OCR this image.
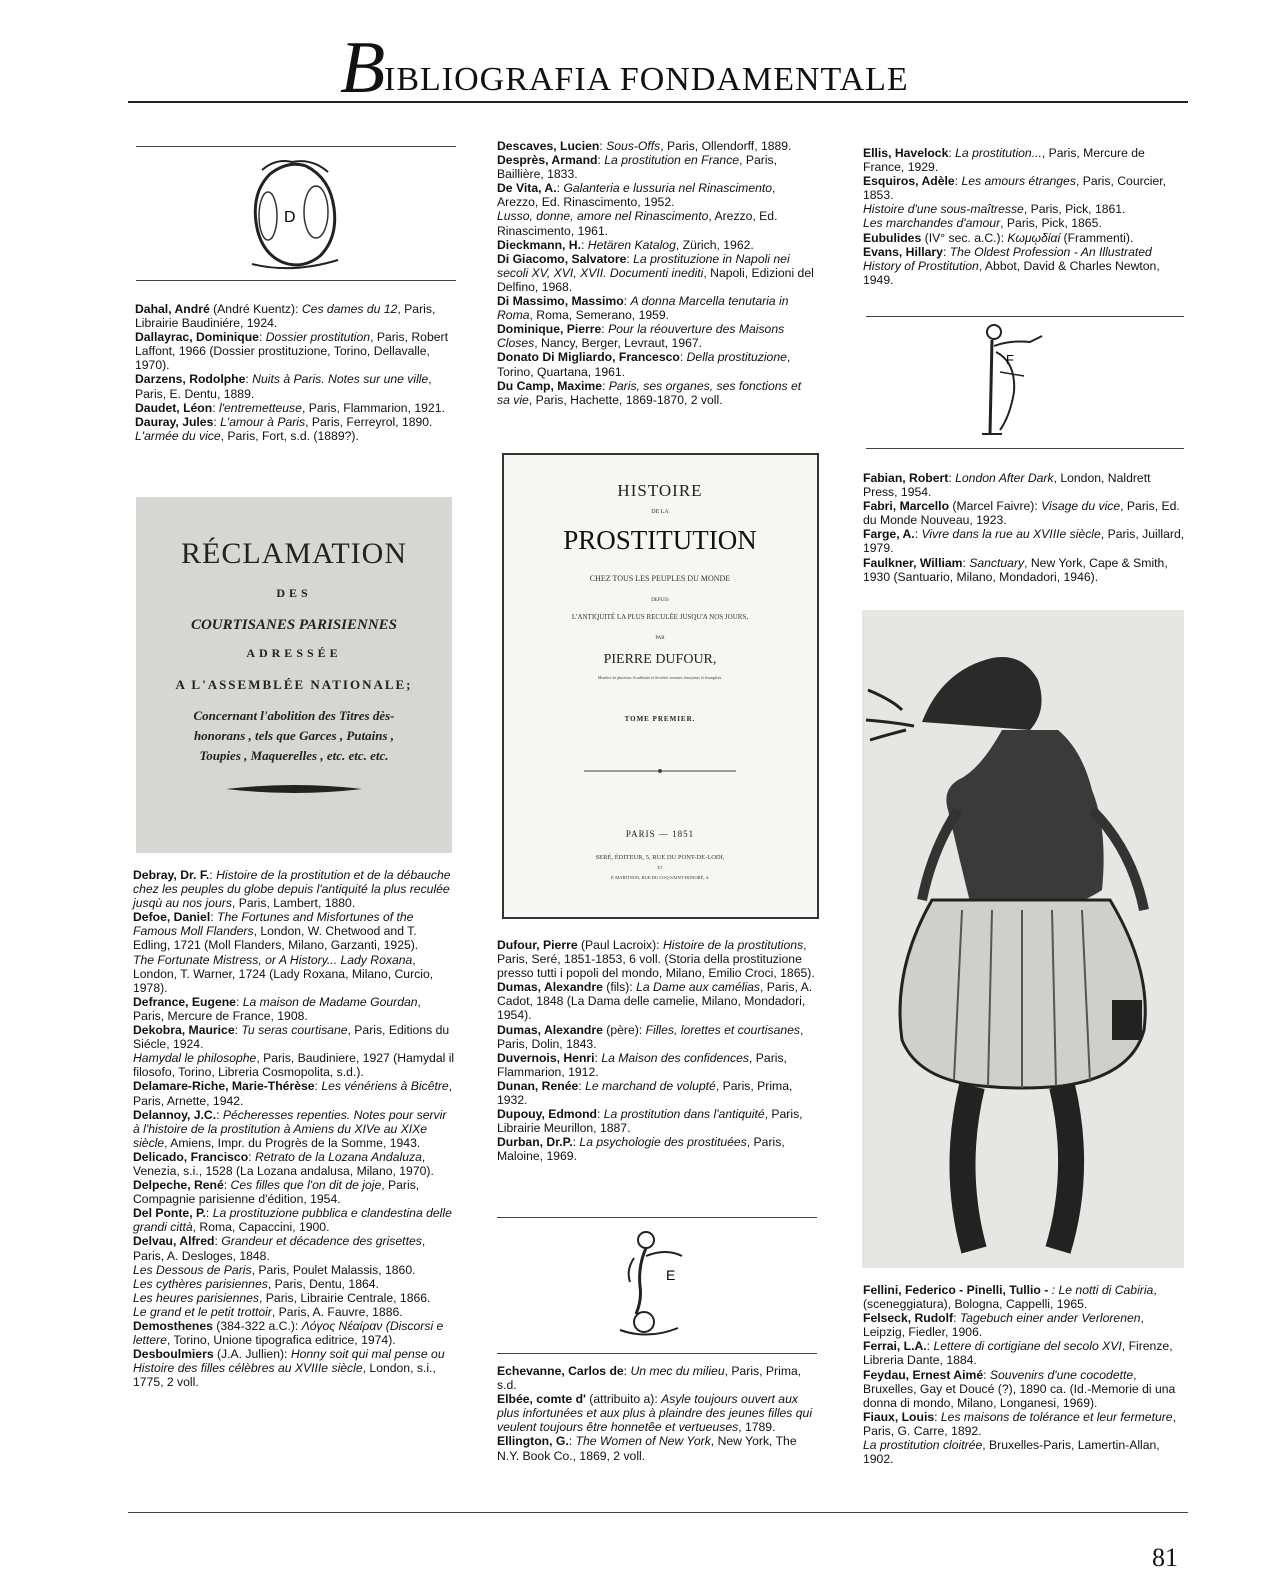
B
IBLIOGRAFIA FONDAMENTALE
D

Dahal, André (André Kuentz): Ces dames du 12, Paris, Librairie Baudiniére, 1924.

Dallayrac, Dominique: Dossier prostitution, Paris, Robert Laffont, 1966 (Dossier prostituzione, Torino, Dellavalle, 1970).

Darzens, Rodolphe: Nuits à Paris. Notes sur une ville, Paris, E. Dentu, 1889.

Daudet, Léon: l'entremetteuse, Paris, Flammarion, 1921.

Dauray, Jules: L'amour à Paris, Paris, Ferreyrol, 1890.

L'armée du vice, Paris, Fort, s.d. (1889?).

RÉCLAMATION
DES
COURTISANES PARISIENNES
ADRESSÉE
A L'ASSEMBLÉE NATIONALE;
Concernant l'abolition des Titres dès-
honorans , tels que Garces , Putains ,
Toupies , Maquerelles , etc. etc. etc.

Debray, Dr. F.: Histoire de la prostitution et de la débauche chez les peuples du globe depuis l'antiquité la plus reculée jusqù au nos jours, Paris, Lambert, 1880.

Defoe, Daniel: The Fortunes and Misfortunes of the Famous Moll Flanders, London, W. Chetwood and T. Edling, 1721 (Moll Flanders, Milano, Garzanti, 1925).

The Fortunate Mistress, or A History... Lady Roxana, London, T. Warner, 1724 (Lady Roxana, Milano, Curcio, 1978).

Defrance, Eugene: La maison de Madame Gourdan, Paris, Mercure de France, 1908.

Dekobra, Maurice: Tu seras courtisane, Paris, Editions du Siécle, 1924.

Hamydal le philosophe, Paris, Baudiniere, 1927 (Hamydal il filosofo, Torino, Libreria Cosmopolita, s.d.).

Delamare-Riche, Marie-Thérèse: Les vénériens à Bicêtre, Paris, Arnette, 1942.

Delannoy, J.C.: Pécheresses repenties. Notes pour servir à l'histoire de la prostitution à Amiens du XIVe au XIXe siècle, Amiens, Impr. du Progrès de la Somme, 1943.

Delicado, Francisco: Retrato de la Lozana Andaluza, Venezia, s.i., 1528 (La Lozana andalusa, Milano, 1970).

Delpeche, René: Ces filles que l'on dit de joje, Paris, Compagnie parisienne d'édition, 1954.

Del Ponte, P.: La prostituzione pubblica e clandestina delle grandi città, Roma, Capaccini, 1900.

Delvau, Alfred: Grandeur et décadence des grisettes, Paris, A. Desloges, 1848.

Les Dessous de Paris, Paris, Poulet Malassis, 1860.

Les cythères parisiennes, Paris, Dentu, 1864.

Les heures parisiennes, Paris, Librairie Centrale, 1866.

Le grand et le petit trottoir, Paris, A. Fauvre, 1886.

Demosthenes (384-322 a.C.): Λόγος Νέαίραν (Discorsi e lettere, Torino, Unione tipografica editrice, 1974).

Desboulmiers (J.A. Jullien): Honny soit qui mal pense ou Histoire des filles célèbres au XVIIIe siècle, London, s.i., 1775, 2 voll.

Descaves, Lucien: Sous-Offs, Paris, Ollendorff, 1889.

Desprès, Armand: La prostitution en France, Paris, Baillière, 1833.

De Vita, A.: Galanteria e lussuria nel Rinascimento, Arezzo, Ed. Rinascimento, 1952.

Lusso, donne, amore nel Rinascimento, Arezzo, Ed. Rinascimento, 1961.

Dieckmann, H.: Hetären Katalog, Zürich, 1962.

Di Giacomo, Salvatore: La prostituzione in Napoli nei secoli XV, XVI, XVII. Documenti inediti, Napoli, Edizioni del Delfino, 1968.

Di Massimo, Massimo: A donna Marcella tenutaria in Roma, Roma, Semerano, 1959.

Dominique, Pierre: Pour la réouverture des Maisons Closes, Nancy, Berger, Levraut, 1967.

Donato Di Migliardo, Francesco: Della prostituzione, Torino, Quartana, 1961.

Du Camp, Maxime: Paris, ses organes, ses fonctions et sa vie, Paris, Hachette, 1869-1870, 2 voll.

HISTOIRE
DE LA
PROSTITUTION
CHEZ TOUS LES PEUPLES DU MONDE
DEPUIS
L'ANTIQUITÉ LA PLUS RECULÉE JUSQU'A NOS JOURS,
PAR
PIERRE DUFOUR,
Membre de plusieurs Académies et Sociétés savantes françaises et étrangères.
TOME PREMIER.
PARIS — 1851
SERÉ, ÉDITEUR, 5, RUE DU PONT-DE-LODI,
ET
P. MARTINON, RUE DU COQ-SAINT-HONORÉ, 4.

Dufour, Pierre (Paul Lacroix): Histoire de la prostitutions, Paris, Seré, 1851-1853, 6 voll. (Storia della prostituzione presso tutti i popoli del mondo, Milano, Emilio Croci, 1865).

Dumas, Alexandre (fils): La Dame aux camélias, Paris, A. Cadot, 1848 (La Dama delle camelie, Milano, Mondadori, 1954).

Dumas, Alexandre (père): Filles, lorettes et courtisanes, Paris, Dolin, 1843.

Duvernois, Henri: La Maison des confidences, Paris, Flammarion, 1912.

Dunan, Renée: Le marchand de volupté, Paris, Prima, 1932.

Dupouy, Edmond: La prostitution dans l'antiquité, Paris, Librairie Meurillon, 1887.

Durban, Dr.P.: La psychologie des prostituées, Paris, Maloine, 1969.

E

Echevanne, Carlos de: Un mec du milieu, Paris, Prima, s.d.

Elbée, comte d' (attribuito a): Asyle toujours ouvert aux plus infortunées et aux plus à plaindre des jeunes filles qui veulent toujours être honnetêe et vertueuses, 1789.

Ellington, G.: The Women of New York, New York, The N.Y. Book Co., 1869, 2 voll.

Ellis, Havelock: La prostitution..., Paris, Mercure de France, 1929.

Esquiros, Adèle: Les amours étranges, Paris, Courcier, 1853.

Histoire d'une sous-maîtresse, Paris, Pick, 1861.

Les marchandes d'amour, Paris, Pick, 1865.

Eubulides (IV° sec. a.C.): Κωμῳδίαί (Frammenti).

Evans, Hillary: The Oldest Profession - An Illustrated History of Prostitution, Abbot, David & Charles Newton, 1949.

F

Fabian, Robert: London After Dark, London, Naldrett Press, 1954.

Fabri, Marcello (Marcel Faivre): Visage du vice, Paris, Ed. du Monde Nouveau, 1923.

Farge, A.: Vivre dans la rue au XVIIIe siècle, Paris, Juillard, 1979.

Faulkner, William: Sanctuary, New York, Cape & Smith, 1930 (Santuario, Milano, Mondadori, 1946).

Fellini, Federico - Pinelli, Tullio - : Le notti di Cabiria, (sceneggiatura), Bologna, Cappelli, 1965.

Felseck, Rudolf: Tagebuch einer ander Verlorenen, Leipzig, Fiedler, 1906.

Ferrai, L.A.: Lettere di cortigiane del secolo XVI, Firenze, Libreria Dante, 1884.

Feydau, Ernest Aimé: Souvenirs d'une cocodette, Bruxelles, Gay et Doucé (?), 1890 ca. (Id.-Memorie di una donna di mondo, Milano, Longanesi, 1969).

Fiaux, Louis: Les maisons de tolérance et leur fermeture, Paris, G. Carre, 1892.

La prostitution cloitrée, Bruxelles-Paris, Lamertin-Allan, 1902.

81
